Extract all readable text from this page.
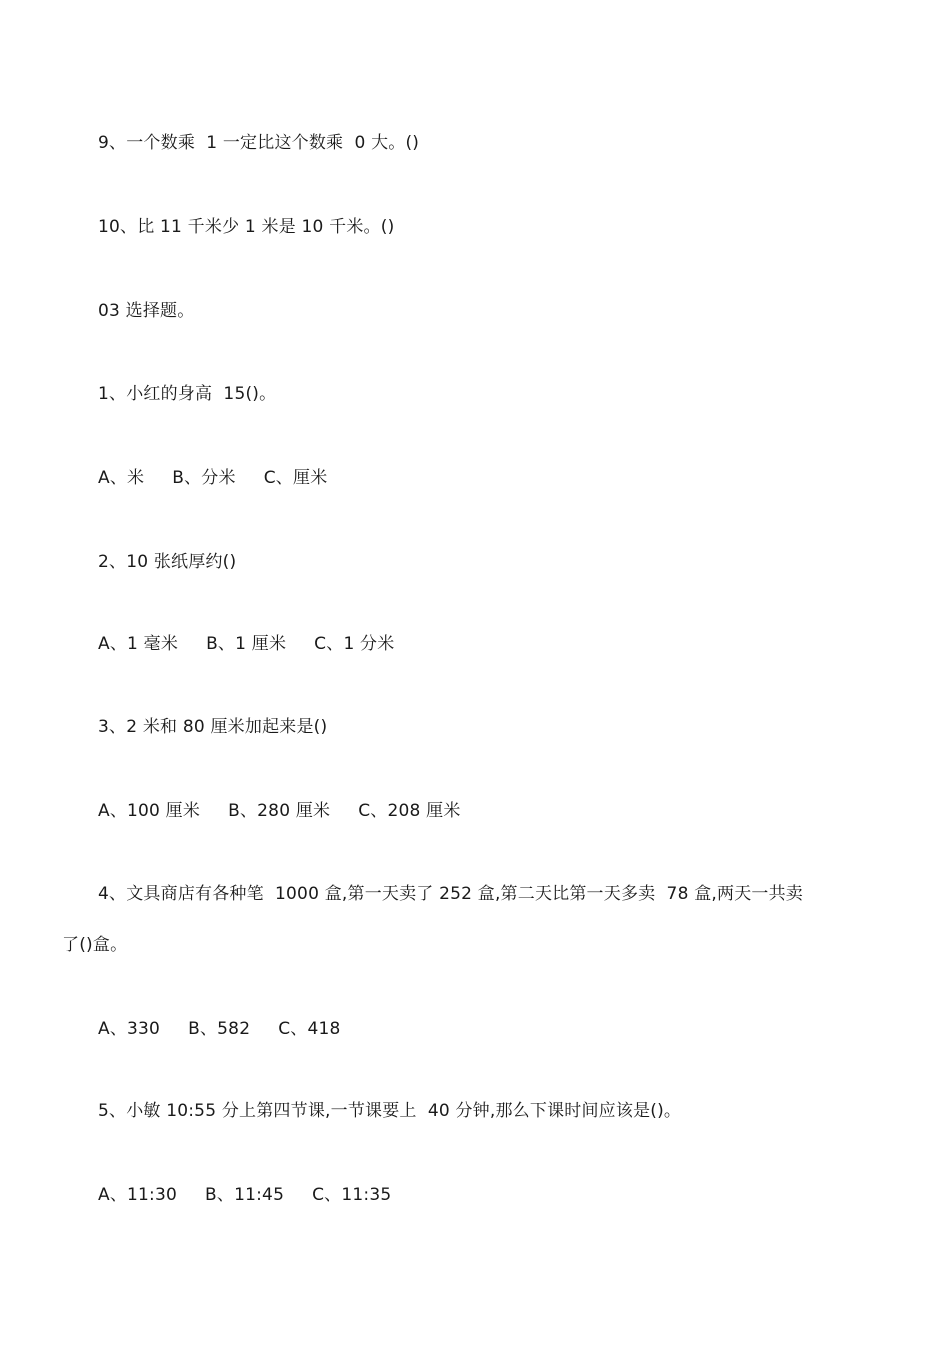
9、一个数乘  1 一定比这个数乘  0 大。()
10、比 11 千米少 1 米是 10 千米。()
03 选择题。
1、小红的身高  15()。
A、米     B、分米     C、厘米
2、10 张纸厚约()
A、1 毫米     B、1 厘米     C、1 分米
3、2 米和 80 厘米加起来是()
A、100 厘米     B、280 厘米     C、208 厘米
4、文具商店有各种笔  1000 盒,第一天卖了 252 盒,第二天比第一天多卖  78 盒,两天一共卖
了()盒。
A、330     B、582     C、418
5、小敏 10:55 分上第四节课,一节课要上  40 分钟,那么下课时间应该是()。
A、11:30     B、11:45     C、11:35
